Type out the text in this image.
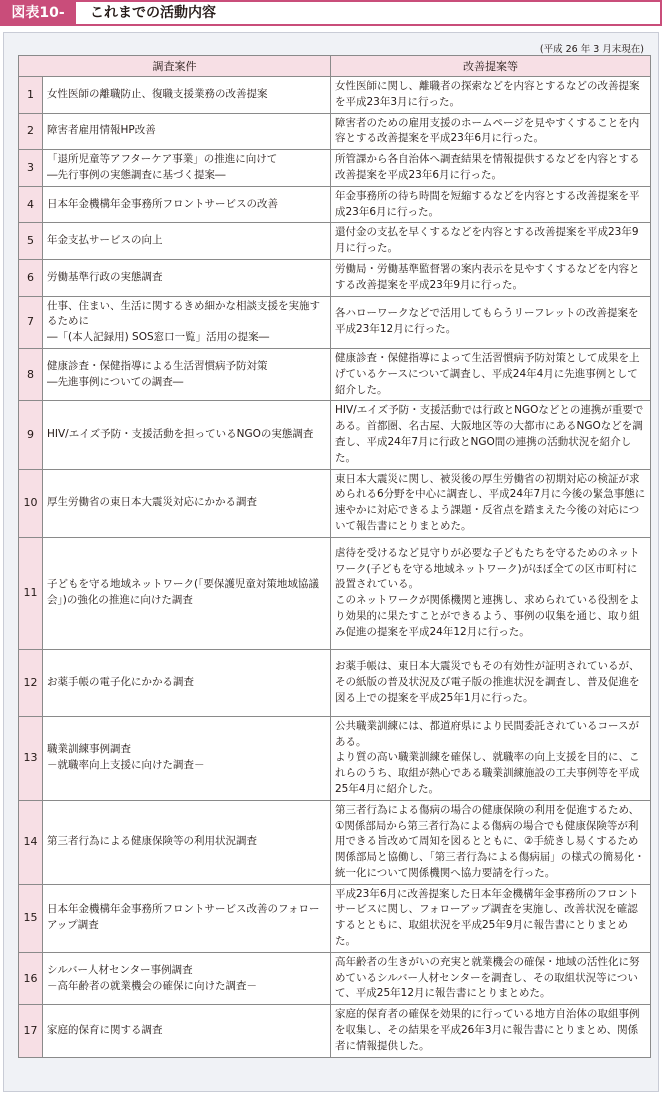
図表10-	これまでの活動内容
(平成 26 年 3 月末現在)
調査案件		改善提案等
1	女性医師の離職防止、復職支援業務の改善提案	女性医師に関し、離職者の探索などを内容とするなどの改善提案を平成23年3月に行った。
2	障害者雇用情報HP改善	障害者のための雇用支援のホームページを見やすくすることを内容とする改善提案を平成23年6月に行った。
3	「退所児童等アフターケア事業」の推進に向けて
―先行事例の実態調査に基づく提案―	所管課から各自治体へ調査結果を情報提供するなどを内容とする改善提案を平成23年6月に行った。
4	日本年金機構年金事務所フロントサービスの改善	年金事務所の待ち時間を短縮するなどを内容とする改善提案を平成23年6月に行った。
5	年金支払サービスの向上	還付金の支払を早くするなどを内容とする改善提案を平成23年9月に行った。
6	労働基準行政の実態調査	労働局・労働基準監督署の案内表示を見やすくするなどを内容とする改善提案を平成23年9月に行った。
7	仕事、住まい、生活に関するきめ細かな相談支援を実施するために
―「(本人記録用) SOS窓口一覧」活用の提案―	各ハローワークなどで活用してもらうリーフレットの改善提案を平成23年12月に行った。
8	健康診査・保健指導による生活習慣病予防対策
―先進事例についての調査―	健康診査・保健指導によって生活習慣病予防対策として成果を上げているケースについて調査し、平成24年4月に先進事例として紹介した。
9	HIV/エイズ予防・支援活動を担っているNGOの実態調査	HIV/エイズ予防・支援活動では行政とNGOなどとの連携が重要である。首都圏、名古屋、大阪地区等の大都市にあるNGOなどを調査し、平成24年7月に行政とNGO間の連携の活動状況を紹介した。
10	厚生労働省の東日本大震災対応にかかる調査	東日本大震災に関し、被災後の厚生労働省の初期対応の検証が求められる6分野を中心に調査し、平成24年7月に今後の緊急事態に速やかに対応できるよう課題・反省点を踏まえた今後の対応について報告書にとりまとめた。
11	子どもを守る地域ネットワーク(「要保護児童対策地域協議会」)の強化の推進に向けた調査	虐待を受けるなど見守りが必要な子どもたちを守るためのネットワーク(子どもを守る地域ネットワーク)がほぼ全ての区市町村に設置されている。
このネットワークが関係機関と連携し、求められている役割をより効果的に果たすことができるよう、事例の収集を通じ、取り組み促進の提案を平成24年12月に行った。
12	お薬手帳の電子化にかかる調査	お薬手帳は、東日本大震災でもその有効性が証明されているが、その紙版の普及状況及び電子版の推進状況を調査し、普及促進を図る上での提案を平成25年1月に行った。
13	職業訓練事例調査
－就職率向上支援に向けた調査－	公共職業訓練には、都道府県により民間委託されているコースがある。
より質の高い職業訓練を確保し、就職率の向上支援を目的に、これらのうち、取組が熱心である職業訓練施設の工夫事例等を平成25年4月に紹介した。
14	第三者行為による健康保険等の利用状況調査	第三者行為による傷病の場合の健康保険の利用を促進するため、①関係部局から第三者行為による傷病の場合でも健康保険等が利用できる旨改めて周知を図るとともに、②手続きし易くするため関係部局と協働し、「第三者行為による傷病届」の様式の簡易化・統一化について関係機関へ協力要請を行った。
15	日本年金機構年金事務所フロントサービス改善のフォローアップ調査	平成23年6月に改善提案した日本年金機構年金事務所のフロントサービスに関し、フォローアップ調査を実施し、改善状況を確認するとともに、取組状況を平成25年9月に報告書にとりまとめた。
16	シルバー人材センター事例調査
－高年齢者の就業機会の確保に向けた調査－	高年齢者の生きがいの充実と就業機会の確保・地域の活性化に努めているシルバー人材センターを調査し、その取組状況等について、平成25年12月に報告書にとりまとめた。
17	家庭的保育に関する調査	家庭的保育者の確保を効果的に行っている地方自治体の取組事例を収集し、その結果を平成26年3月に報告書にとりまとめ、関係者に情報提供した。
